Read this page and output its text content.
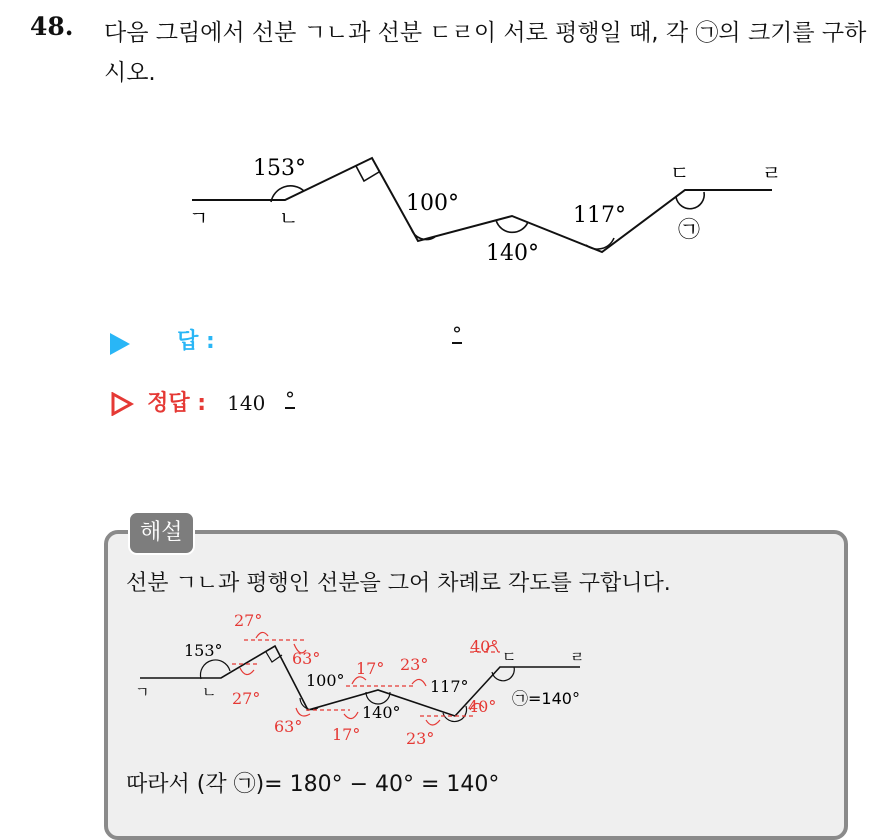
48. 다음 그림에서 선분 ㄱㄴ과 선분 ㄷㄹ이 서로 평행일 때, 각 ㉠의 크기를 구하시오.
ㄱ	ㄴ
ㄷ	ㄹ
153°
100°
140°
117°
㉠
답 :	°
정답 : 140 °
해설
선분 ㄱㄴ과 평행인 선분을 그어 차례로 각도를 구합니다.
153°
100°
140°
117°
27°
27°
63°
63°
17°
17°
23°
23°
40°
40°
ㄱ	ㄴ
ㄷ	ㄹ
㉠=140°
따라서 (각 ㉠)= 180° − 40° = 140°
